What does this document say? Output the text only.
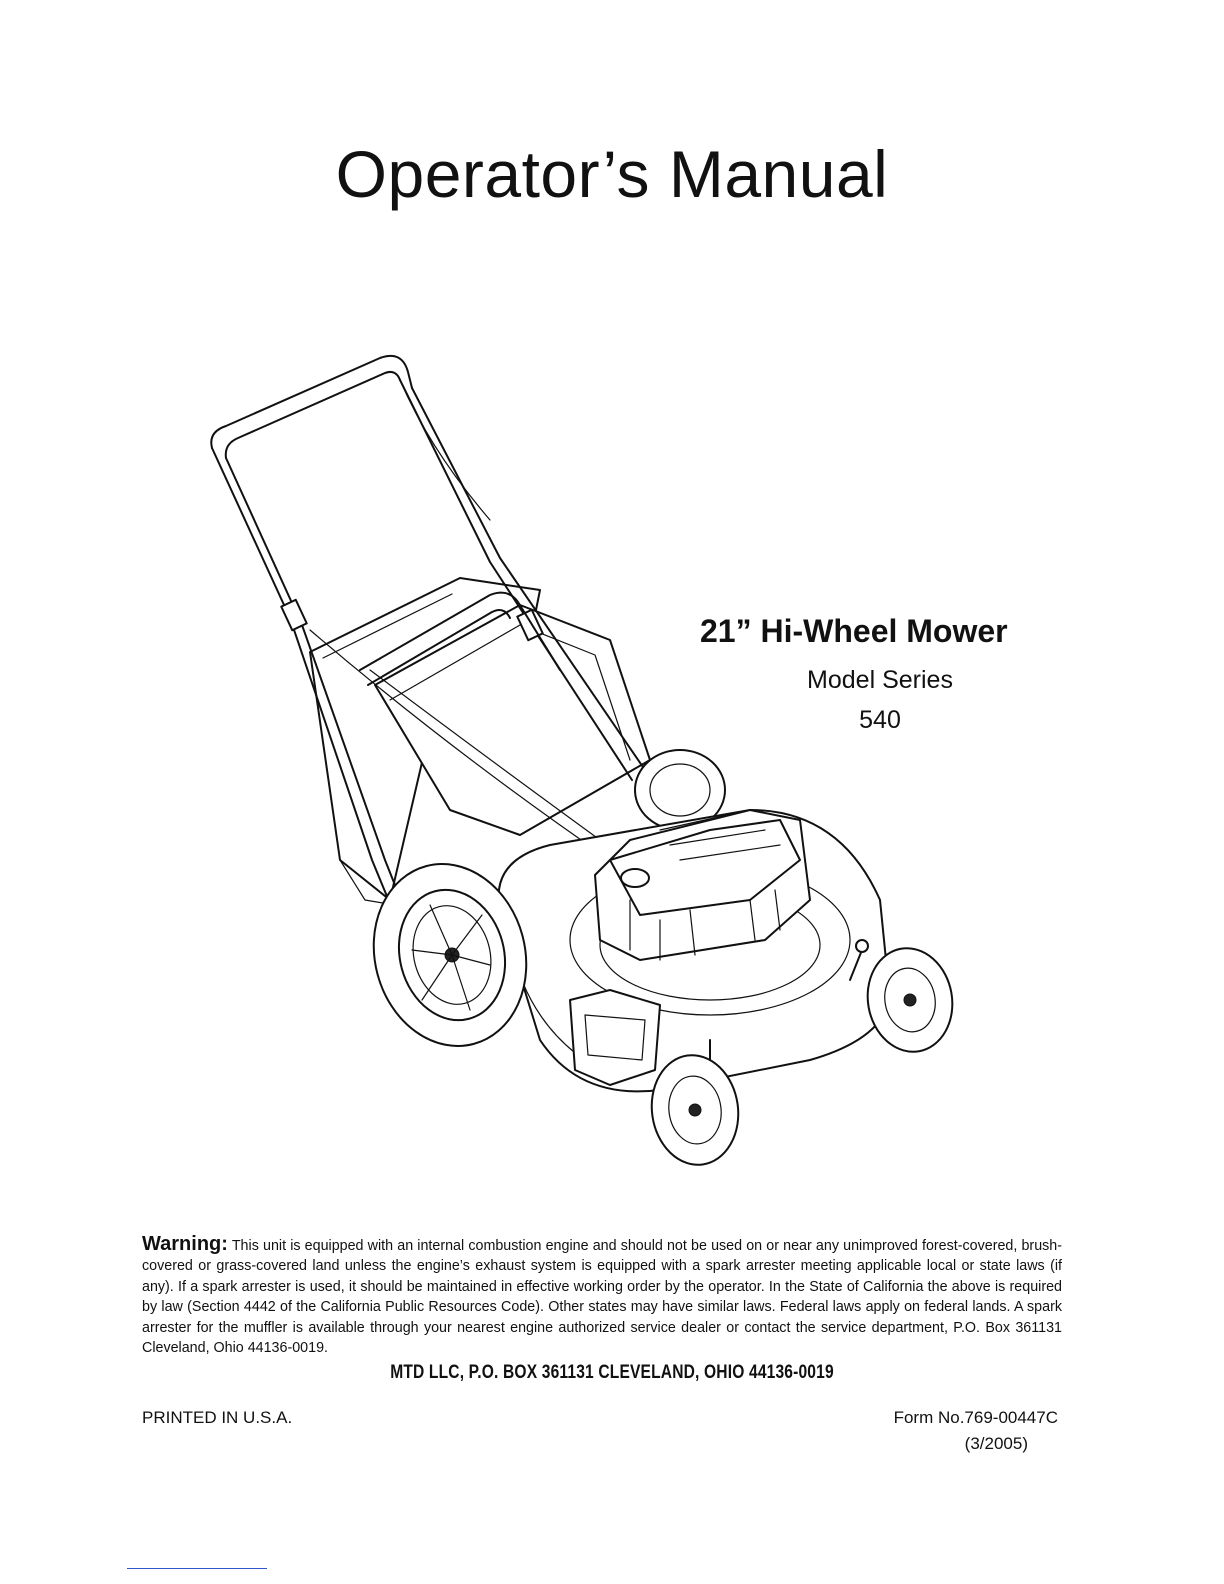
Operator’s Manual
21” Hi-Wheel Mower
Model Series
540

Warning: This unit is equipped with an internal combustion engine and should not be used on or near any unimproved forest-covered, brush-covered or grass-covered land unless the engine’s exhaust system is equipped with a spark arrester meeting applicable local or state laws (if any). If a spark arrester is used, it should be maintained in effective working order by the operator. In the State of California the above is required by law (Section 4442 of the California Public Resources Code). Other states may have similar laws. Federal laws apply on federal lands. A spark arrester for the muffler is available through your nearest engine authorized service dealer or contact the service department, P.O. Box 361131 Cleveland, Ohio 44136-0019.

MTD LLC, P.O. BOX 361131 CLEVELAND, OHIO 44136-0019
PRINTED IN U.S.A.	Form No.769-00447C
(3/2005)
